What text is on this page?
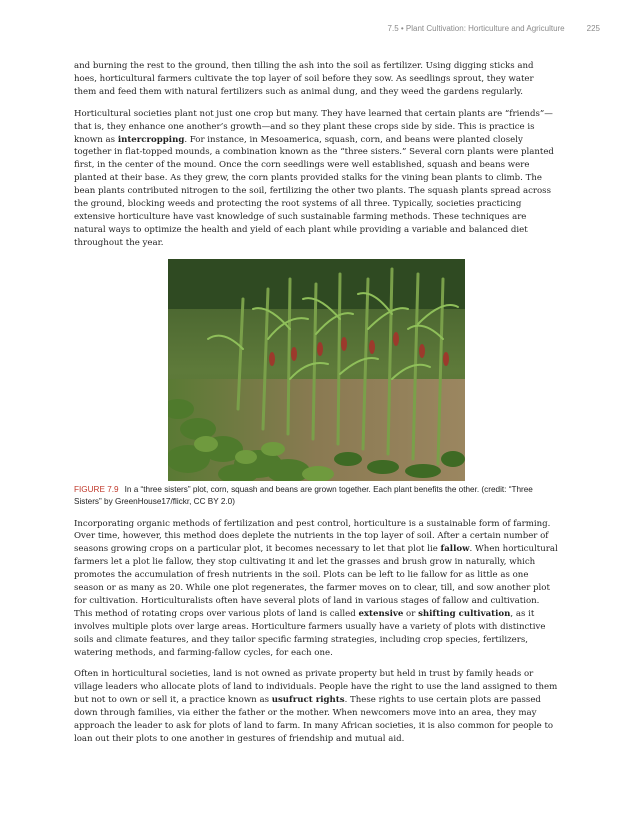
7.5 • Plant Cultivation: Horticulture and Agriculture	225

and burning the rest to the ground, then tilling the ash into the soil as fertilizer. Using digging sticks and hoes, horticultural farmers cultivate the top layer of soil before they sow. As seedlings sprout, they water them and feed them with natural fertilizers such as animal dung, and they weed the gardens regularly.

Horticultural societies plant not just one crop but many. They have learned that certain plants are “friends”—that is, they enhance one another’s growth—and so they plant these crops side by side. This is practice is known as intercropping. For instance, in Mesoamerica, squash, corn, and beans were planted closely together in flat-topped mounds, a combination known as the “three sisters.” Several corn plants were planted first, in the center of the mound. Once the corn seedlings were well established, squash and beans were planted at their base. As they grew, the corn plants provided stalks for the vining bean plants to climb. The bean plants contributed nitrogen to the soil, fertilizing the other two plants. The squash plants spread across the ground, blocking weeds and protecting the root systems of all three. Typically, societies practicing extensive horticulture have vast knowledge of such sustainable farming methods. These techniques are natural ways to optimize the health and yield of each plant while providing a variable and balanced diet throughout the year.

FIGURE 7.9 In a “three sisters” plot, corn, squash and beans are grown together. Each plant benefits the other. (credit: “Three Sisters” by GreenHouse17/flickr, CC BY 2.0)

Incorporating organic methods of fertilization and pest control, horticulture is a sustainable form of farming. Over time, however, this method does deplete the nutrients in the top layer of soil. After a certain number of seasons growing crops on a particular plot, it becomes necessary to let that plot lie fallow. When horticultural farmers let a plot lie fallow, they stop cultivating it and let the grasses and brush grow in naturally, which promotes the accumulation of fresh nutrients in the soil. Plots can be left to lie fallow for as little as one season or as many as 20. While one plot regenerates, the farmer moves on to clear, till, and sow another plot for cultivation. Horticulturalists often have several plots of land in various stages of fallow and cultivation. This method of rotating crops over various plots of land is called extensive or shifting cultivation, as it involves multiple plots over large areas. Horticulture farmers usually have a variety of plots with distinctive soils and climate features, and they tailor specific farming strategies, including crop species, fertilizers, watering methods, and farming-fallow cycles, for each one.

Often in horticultural societies, land is not owned as private property but held in trust by family heads or village leaders who allocate plots of land to individuals. People have the right to use the land assigned to them but not to own or sell it, a practice known as usufruct rights. These rights to use certain plots are passed down through families, via either the father or the mother. When newcomers move into an area, they may approach the leader to ask for plots of land to farm. In many African societies, it is also common for people to loan out their plots to one another in gestures of friendship and mutual aid.
